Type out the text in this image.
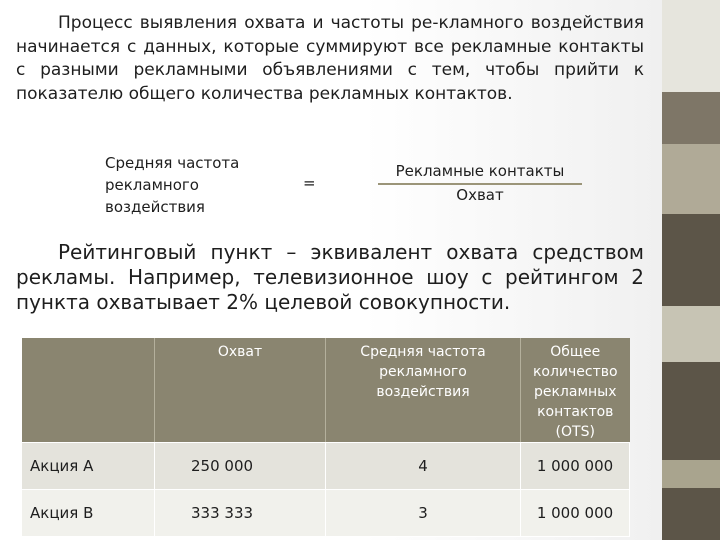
Процесс выявления охвата и частоты ре-кламного воздействия начинается с данных, которые суммируют все рекламные контакты с разными рекламными объявлениями с тем, чтобы прийти к показателю общего количества рекламных контактов.

Средняя частота
рекламного
воздействия
=
Рекламные контакты
Охват

Рейтинговый пункт – эквивалент охвата средством рекламы. Например, телевизионное шоу с рейтингом 2 пункта охватывает 2% целевой совокупности.

	Охват	Средняя частота рекламного воздействия	Общее количество рекламных контактов (OTS)
Акция А	250 000	4	1 000 000
Акция В	333 333	3	1 000 000
